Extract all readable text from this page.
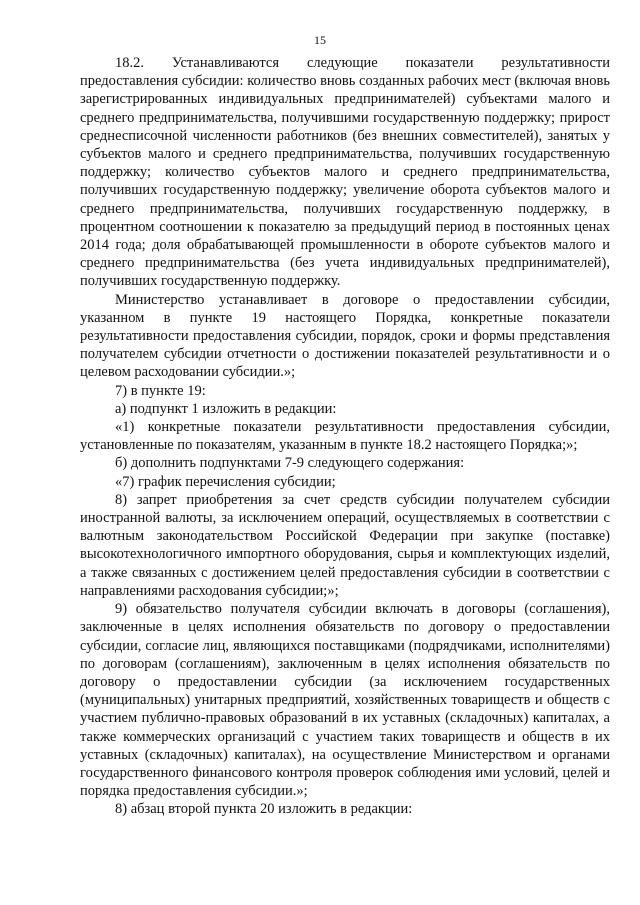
15

18.2. Устанавливаются следующие показатели результативности предоставления субсидии: количество вновь созданных рабочих мест (включая вновь зарегистрированных индивидуальных предпринимателей) субъектами малого и среднего предпринимательства, получившими государственную поддержку; прирост среднесписочной численности работников (без внешних совместителей), занятых у субъектов малого и среднего предпринимательства, получивших государственную поддержку; количество субъектов малого и среднего предпринимательства, получивших государственную поддержку; увеличение оборота субъектов малого и среднего предпринимательства, получивших государственную поддержку, в процентном соотношении к показателю за предыдущий период в постоянных ценах 2014 года; доля обрабатывающей промышленности в обороте субъектов малого и среднего предпринимательства (без учета индивидуальных предпринимателей), получивших государственную поддержку.

Министерство устанавливает в договоре о предоставлении субсидии, указанном в пункте 19 настоящего Порядка, конкретные показатели результативности предоставления субсидии, порядок, сроки и формы представления получателем субсидии отчетности о достижении показателей результативности и о целевом расходовании субсидии.»;

7) в пункте 19:

а) подпункт 1 изложить в редакции:

«1) конкретные показатели результативности предоставления субсидии, установленные по показателям, указанным в пункте 18.2 настоящего Порядка;»;

б) дополнить подпунктами 7-9 следующего содержания:

«7) график перечисления субсидии;

8) запрет приобретения за счет средств субсидии получателем субсидии иностранной валюты, за исключением операций, осуществляемых в соответствии с валютным законодательством Российской Федерации при закупке (поставке) высокотехнологичного импортного оборудования, сырья и комплектующих изделий, а также связанных с достижением целей предоставления субсидии в соответствии с направлениями расходования субсидии;»;

9) обязательство получателя субсидии включать в договоры (соглашения), заключенные в целях исполнения обязательств по договору о предоставлении субсидии, согласие лиц, являющихся поставщиками (подрядчиками, исполнителями) по договорам (соглашениям), заключенным в целях исполнения обязательств по договору о предоставлении субсидии (за исключением государственных (муниципальных) унитарных предприятий, хозяйственных товариществ и обществ с участием публично-правовых образований в их уставных (складочных) капиталах, а также коммерческих организаций с участием таких товариществ и обществ в их уставных (складочных) капиталах), на осуществление Министерством и органами государственного финансового контроля проверок соблюдения ими условий, целей и порядка предоставления субсидии.»;

8) абзац второй пункта 20 изложить в редакции:
